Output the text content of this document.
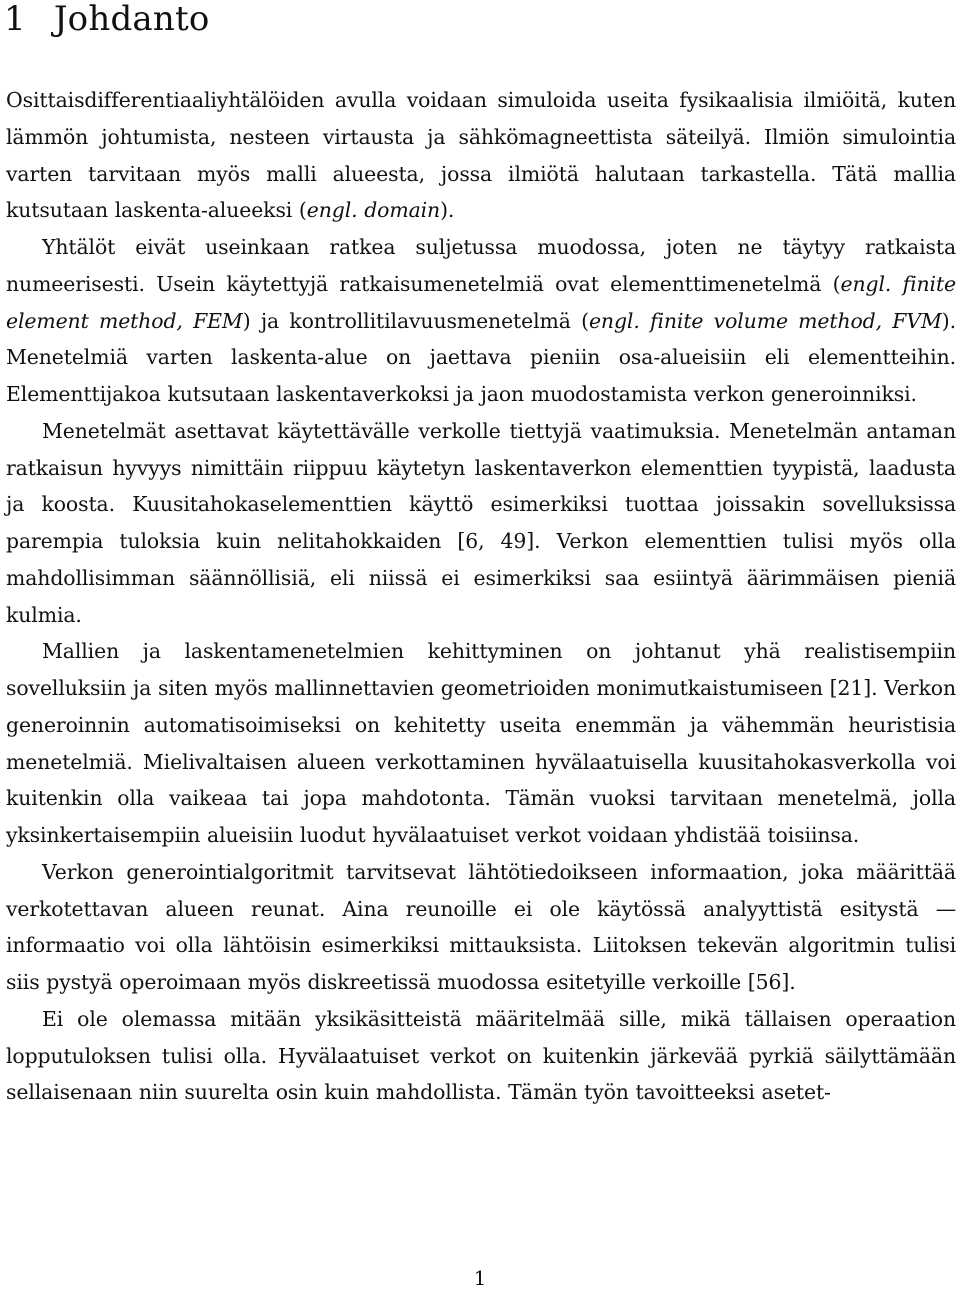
1 Johdanto

Osittaisdifferentiaaliyhtälöiden avulla voidaan simuloida useita fysikaalisia ilmiöitä, kuten lämmön johtumista, nesteen virtausta ja sähkömagneettista säteilyä. Ilmiön simulointia varten tarvitaan myös malli alueesta, jossa ilmiötä halutaan tarkastella. Tätä mallia kutsutaan laskenta-alueeksi (engl. domain).

Yhtälöt eivät useinkaan ratkea suljetussa muodossa, joten ne täytyy ratkaista numeerisesti. Usein käytettyjä ratkaisumenetelmiä ovat elementtimenetelmä (engl. finite element method, FEM) ja kontrollitilavuusmenetelmä (engl. finite volume method, FVM). Menetelmiä varten laskenta-alue on jaettava pieniin osa-alueisiin eli elementteihin. Elementtijakoa kutsutaan laskentaverkoksi ja jaon muodostamista verkon generoinniksi.

Menetelmät asettavat käytettävälle verkolle tiettyjä vaatimuksia. Menetelmän antaman ratkaisun hyvyys nimittäin riippuu käytetyn laskentaverkon elementtien tyypistä, laadusta ja koosta. Kuusitahokaselementtien käyttö esimerkiksi tuottaa joissakin sovelluksissa parempia tuloksia kuin nelitahokkaiden [6, 49]. Verkon elementtien tulisi myös olla mahdollisimman säännöllisiä, eli niissä ei esimerkiksi saa esiintyä äärimmäisen pieniä kulmia.

Mallien ja laskentamenetelmien kehittyminen on johtanut yhä realistisempiin sovelluksiin ja siten myös mallinnettavien geometrioiden monimutkaistumiseen [21]. Verkon generoinnin automatisoimiseksi on kehitetty useita enemmän ja vähemmän heuristisia menetelmiä. Mielivaltaisen alueen verkottaminen hyvälaatuisella kuusitahokasverkolla voi kuitenkin olla vaikeaa tai jopa mahdotonta. Tämän vuoksi tarvitaan menetelmä, jolla yksinkertaisempiin alueisiin luodut hyvälaatuiset verkot voidaan yhdistää toisiinsa.

Verkon generointialgoritmit tarvitsevat lähtötiedoikseen informaation, joka määrittää verkotettavan alueen reunat. Aina reunoille ei ole käytössä analyyttistä esitystä — informaatio voi olla lähtöisin esimerkiksi mittauksista. Liitoksen tekevän algoritmin tulisi siis pystyä operoimaan myös diskreetissä muodossa esitetyille verkoille [56].

Ei ole olemassa mitään yksikäsitteistä määritelmää sille, mikä tällaisen operaation lopputuloksen tulisi olla. Hyvälaatuiset verkot on kuitenkin järkevää pyrkiä säilyttämään sellaisenaan niin suurelta osin kuin mahdollista. Tämän työn tavoitteeksi asetet-

1
